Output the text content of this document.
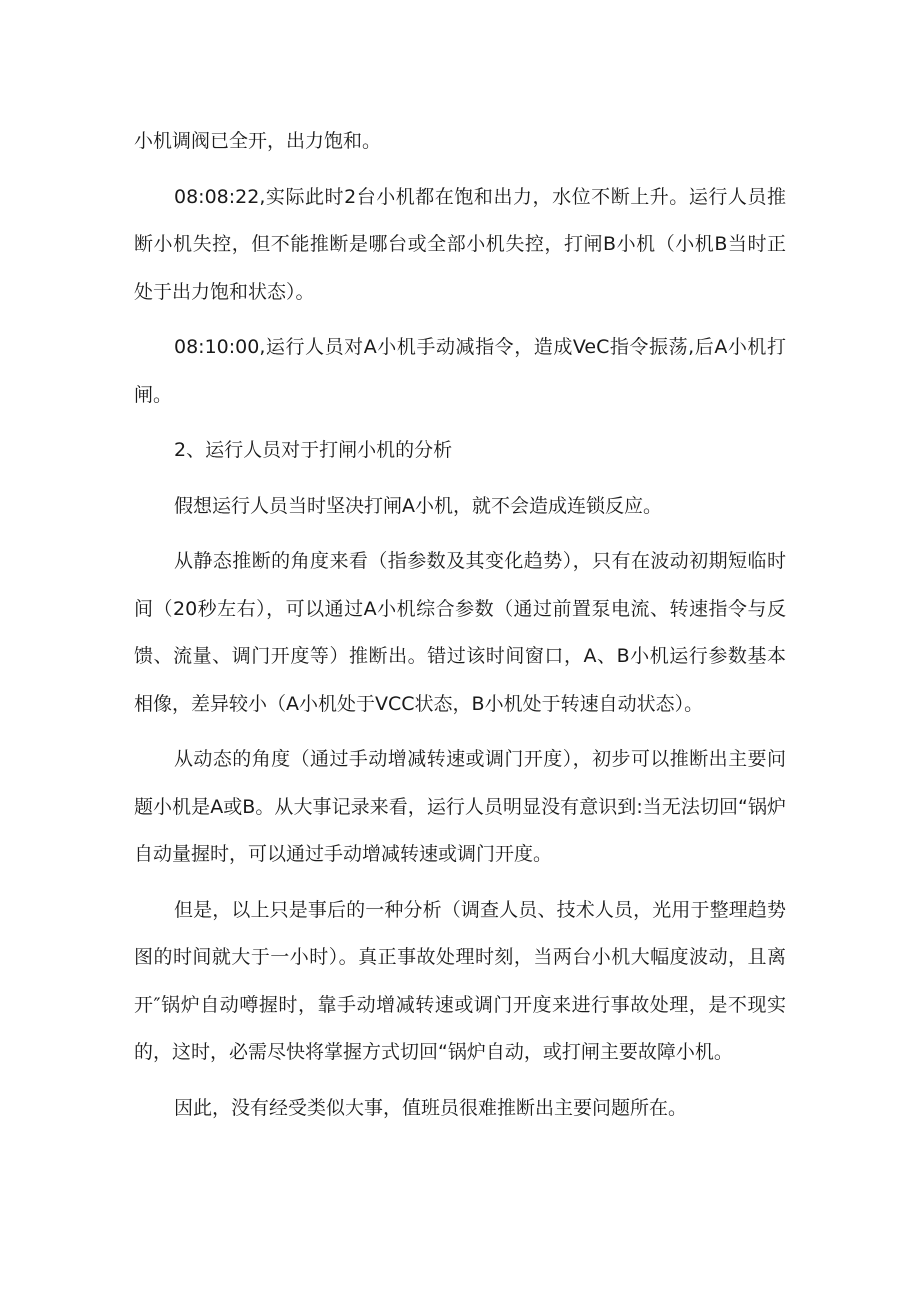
小机调阀已全开，出力饱和。

08:08:22,实际此时2台小机都在饱和出力，水位不断上升。运行人员推断小机失控，但不能推断是哪台或全部小机失控，打闸B小机（小机B当时正处于出力饱和状态）。

08:10:00,运行人员对A小机手动减指令，造成VeC指令振荡,后A小机打闸。

2、运行人员对于打闸小机的分析

假想运行人员当时坚决打闸A小机，就不会造成连锁反应。

从静态推断的角度来看（指参数及其变化趋势），只有在波动初期短临时间（20秒左右），可以通过A小机综合参数（通过前置泵电流、转速指令与反馈、流量、调门开度等）推断出。错过该时间窗口，A、B小机运行参数基本相像，差异较小（A小机处于VCC状态，B小机处于转速自动状态）。

从动态的角度（通过手动增减转速或调门开度），初步可以推断出主要问题小机是A或B。从大事记录来看，运行人员明显没有意识到:当无法切回“锅炉自动量握时，可以通过手动增减转速或调门开度。

但是，以上只是事后的一种分析（调查人员、技术人员，光用于整理趋势图的时间就大于一小时）。真正事故处理时刻，当两台小机大幅度波动，且离开″锅炉自动噂握时，靠手动增减转速或调门开度来进行事故处理，是不现实的，这时，必需尽快将掌握方式切回“锅炉自动，或打闸主要故障小机。

因此，没有经受类似大事，值班员很难推断出主要问题所在。
